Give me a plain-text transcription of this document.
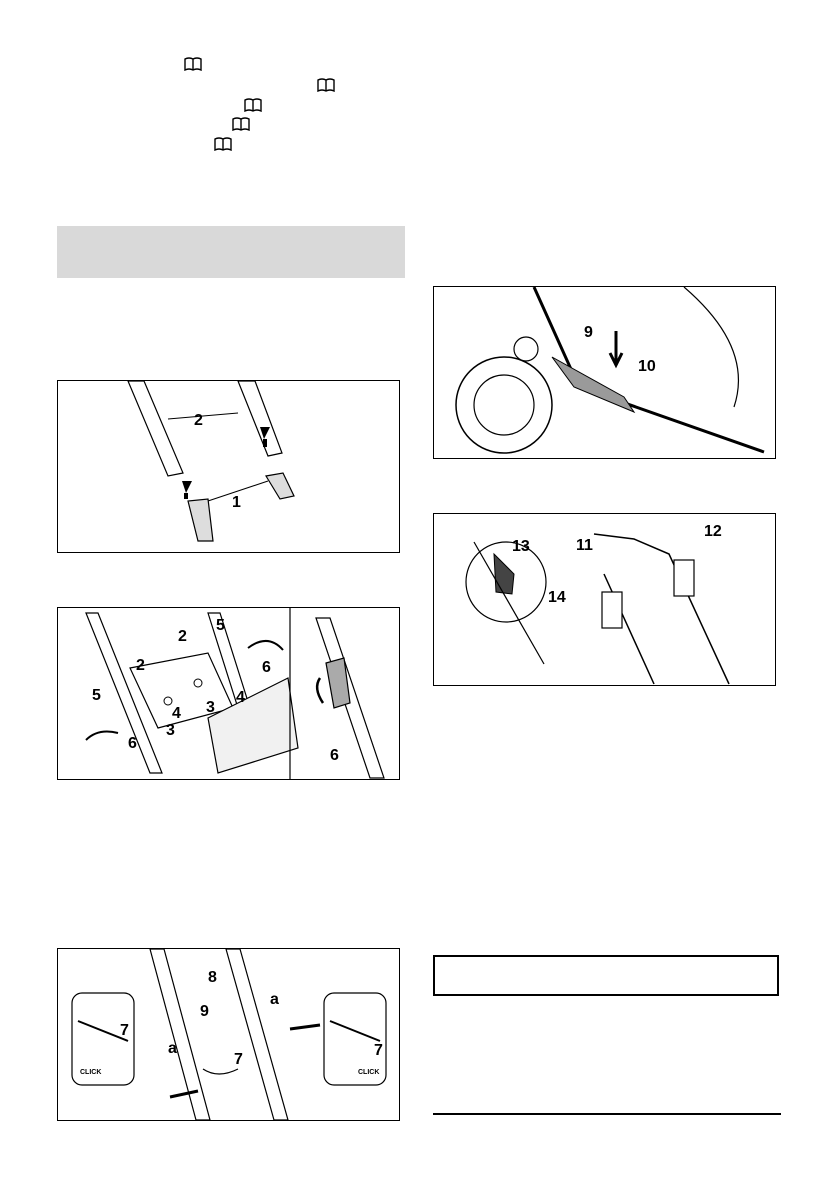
2
1
2
5
2
6
4
4
5
3
6
3
6
8
9
7
7
7
a
a
CLICK	CLICK
9
10
13	11
12
14
